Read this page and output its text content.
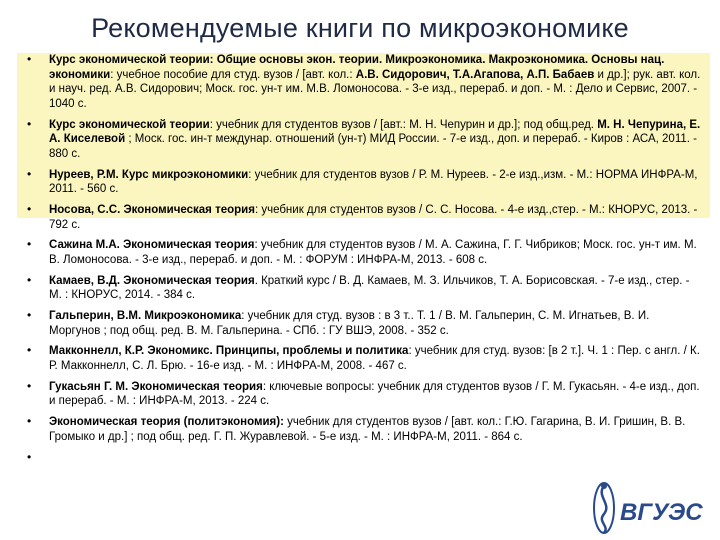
Рекомендуемые книги по микроэкономике
• Курс экономической теории: Общие основы экон. теории. Микроэкономика. Макроэкономика. Основы нац. экономики: учебное пособие для студ. вузов / [авт. кол.: А.В. Сидорович, Т.А.Агапова, А.П. Бабаев и др.]; рук. авт. кол. и науч. ред. А.В. Сидорович; Моск. гос. ун-т им. М.В. Ломоносова. - 3-е изд., перераб. и доп. - М. : Дело и Сервис, 2007. - 1040 с.
• Курс экономической теории: учебник для студентов вузов / [авт.: М. Н. Чепурин и др.]; под общ.ред. М. Н. Чепурина, Е. А. Киселевой ; Моск. гос. ин-т междунар. отношений (ун-т) МИД России. - 7-е изд., доп. и перераб. - Киров : АСА, 2011. - 880 с.
• Нуреев, Р.М. Курс микроэкономики: учебник для студентов вузов / Р. М. Нуреев. - 2-е изд.,изм. - М.: НОРМА ИНФРА-М, 2011. - 560 с.
• Носова, С.С. Экономическая теория: учебник для студентов вузов / С. С. Носова. - 4-е изд.,стер. - М.: КНОРУС, 2013. - 792 с.
• Сажина М.А. Экономическая теория: учебник для студентов вузов / М. А. Сажина, Г. Г. Чибриков; Моск. гос. ун-т им. М. В. Ломоносова. - 3-е изд., перераб. и доп. - М. : ФОРУМ : ИНФРА-М, 2013. - 608 с.
• Камаев, В.Д. Экономическая теория. Краткий курс / В. Д. Камаев, М. З. Ильчиков, Т. А. Борисовская. - 7-е изд., стер. - М. : КНОРУС, 2014. - 384 с.
• Гальперин, В.М. Микроэкономика: учебник для студ. вузов : в 3 т.. Т. 1 / В. М. Гальперин, С. М. Игнатьев, В. И. Моргунов ; под общ. ред. В. М. Гальперина. - СПб. : ГУ ВШЭ, 2008. - 352 с.
• Макконнелл, К.Р. Экономикс. Принципы, проблемы и политика: учебник для студ. вузов: [в 2 т.]. Ч. 1 : Пер. с англ. / К. Р. Макконнелл, С. Л. Брю. - 16-е изд. - М. : ИНФРА-М, 2008. - 467 с.
• Гукасьян Г. М. Экономическая теория: ключевые вопросы: учебник для студентов вузов / Г. М. Гукасьян. - 4-е изд., доп. и перераб. - М. : ИНФРА-М, 2013. - 224 с.
• Экономическая теория (политэкономия): учебник для студентов вузов / [авт. кол.: Г.Ю. Гагарина, В. И. Гришин, В. В. Громыко и др.] ; под общ. ред. Г. П. Журавлевой. - 5-е изд. - М. : ИНФРА-М, 2011. - 864 с.
•
ВГУЭС
